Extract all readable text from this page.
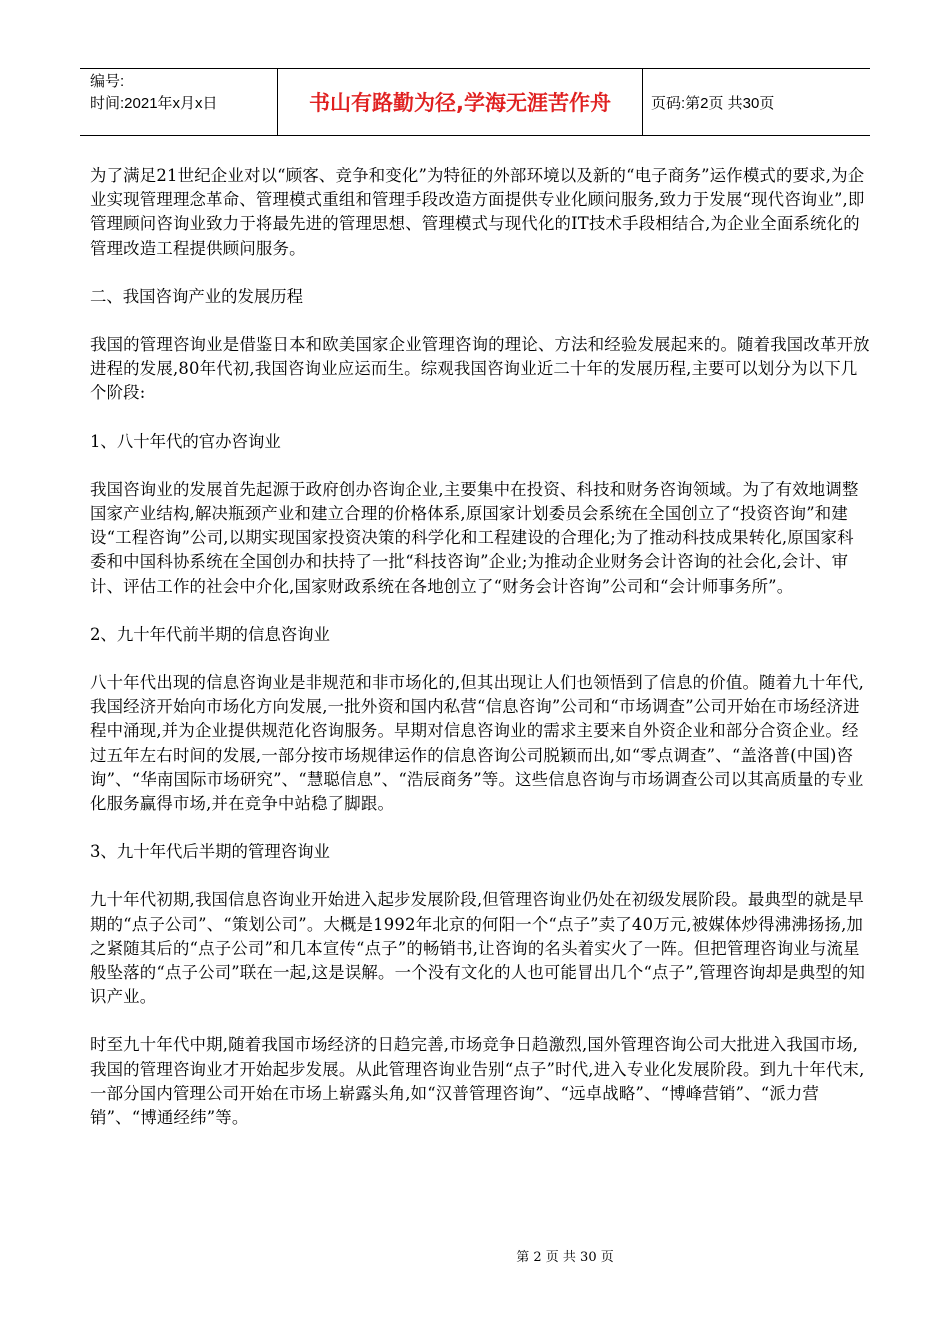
编号:
时间:2021年x月x日	书山有路勤为径,学海无涯苦作舟	页码:第2页 共30页

为了满足21世纪企业对以“顾客、竞争和变化”为特征的外部环境以及新的“电子商务”运作模式的要求,为企业实现管理理念革命、管理模式重组和管理手段改造方面提供专业化顾问服务,致力于发展“现代咨询业”,即管理顾问咨询业致力于将最先进的管理思想、管理模式与现代化的IT技术手段相结合,为企业全面系统化的管理改造工程提供顾问服务。

二、我国咨询产业的发展历程

我国的管理咨询业是借鉴日本和欧美国家企业管理咨询的理论、方法和经验发展起来的。随着我国改革开放进程的发展,80年代初,我国咨询业应运而生。综观我国咨询业近二十年的发展历程,主要可以划分为以下几个阶段:

1、八十年代的官办咨询业

我国咨询业的发展首先起源于政府创办咨询企业,主要集中在投资、科技和财务咨询领域。为了有效地调整国家产业结构,解决瓶颈产业和建立合理的价格体系,原国家计划委员会系统在全国创立了“投资咨询”和建设“工程咨询”公司,以期实现国家投资决策的科学化和工程建设的合理化;为了推动科技成果转化,原国家科委和中国科协系统在全国创办和扶持了一批“科技咨询”企业;为推动企业财务会计咨询的社会化,会计、审计、评估工作的社会中介化,国家财政系统在各地创立了“财务会计咨询”公司和“会计师事务所”。

2、九十年代前半期的信息咨询业

八十年代出现的信息咨询业是非规范和非市场化的,但其出现让人们也领悟到了信息的价值。随着九十年代,我国经济开始向市场化方向发展,一批外资和国内私营“信息咨询”公司和“市场调查”公司开始在市场经济进程中涌现,并为企业提供规范化咨询服务。早期对信息咨询业的需求主要来自外资企业和部分合资企业。经过五年左右时间的发展,一部分按市场规律运作的信息咨询公司脱颖而出,如“零点调查”、“盖洛普(中国)咨询”、“华南国际市场研究”、“慧聪信息”、“浩辰商务”等。这些信息咨询与市场调查公司以其高质量的专业化服务赢得市场,并在竞争中站稳了脚跟。

3、九十年代后半期的管理咨询业

九十年代初期,我国信息咨询业开始进入起步发展阶段,但管理咨询业仍处在初级发展阶段。最典型的就是早期的“点子公司”、“策划公司”。大概是1992年北京的何阳一个“点子”卖了40万元,被媒体炒得沸沸扬扬,加之紧随其后的“点子公司”和几本宣传“点子”的畅销书,让咨询的名头着实火了一阵。但把管理咨询业与流星般坠落的“点子公司”联在一起,这是误解。一个没有文化的人也可能冒出几个“点子”,管理咨询却是典型的知识产业。

时至九十年代中期,随着我国市场经济的日趋完善,市场竞争日趋激烈,国外管理咨询公司大批进入我国市场,我国的管理咨询业才开始起步发展。从此管理咨询业告别“点子”时代,进入专业化发展阶段。到九十年代末,一部分国内管理公司开始在市场上崭露头角,如“汉普管理咨询”、“远卓战略”、“博峰营销”、“派力营销”、“博通经纬”等。

第 2 页 共 30 页
